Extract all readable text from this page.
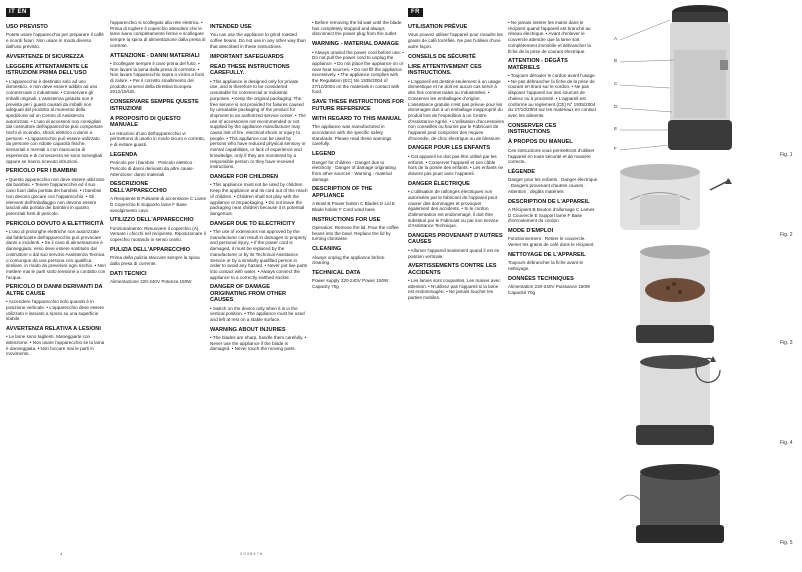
IT EN	FR
USO PREVISTO

Potete usare l'apparecchio per preparare il caffè e ricordi futuri. Non usare in modo diverso dall'uso previsto.

AVVERTENZE DI SICUREZZA
LEGGERE ATTENTAMENTE LE ISTRUZIONI PRIMA DELL'USO

• L'apparecchio è destinato solo ad uso domestico, e non deve essere adibito ad uso commerciale o industriale. • Conservare gli imballi originali. L'assistenza gratuita non è prevista per i guasti causati da imballi non adeguati del prodotto al momento della spedizione ad un Centro di Assistenza autorizzato. • L'uso di accessori non consigliati dal costruttore dell'apparecchio può comportare rischi di incendio, shock elettrico o danni a persone. • L'apparecchio può essere utilizzato da persone con ridotte capacità fisiche, sensoriali o mentali o con mancanza di esperienza e di conoscenza se sono sorvegliati oppure se hanno ricevuto istruzioni.

PERICOLO PER I BAMBINI

• Questo apparecchio non deve essere utilizzato dai bambini. • Tenere l'apparecchio ed il suo cavo fuori dalla portata dei bambini. • I bambini non devono giocare con l'apparecchio. • Gli elementi dell'imballaggio non devono essere lasciati alla portata dei bambini in quanto potenziali fonti di pericolo.

PERICOLO DOVUTO A ELETTRICITÀ

• L'uso di prolunghe elettriche non autorizzate dal fabbricante dell'apparecchio può provocare danni e incidenti. • Se il cavo di alimentazione è danneggiato, esso deve essere sostituito dal costruttore o dal suo servizio Assistenza Tecnica o comunque da una persona con qualifica similare, in modo da prevenire ogni rischio. • Non mettere mai le parti sotto tensione a contatto con l'acqua.

PERICOLO DI DANNI DERIVANTI DA ALTRE CAUSE

• Accendere l'apparecchio solo quando è in posizione verticale. • L'apparecchio deve essere utilizzato e lasciato a riposo su una superficie stabile.

AVVERTENZA RELATIVA A LESIONI

• Le lame sono taglienti. Maneggiarle con attenzione. • Non usare l'apparecchio se la lama è danneggiata. • Non toccare mai le parti in movimento.

l'apparecchio si scollegato alla rete elettrica. • Prima di togliere il coperchio attendere che le lame siano completamente ferme e scollegare sempre la spina di alimentazione dalla presa di corrente.

ATTENZIONE - DANNI MATERIALI

• Scollegare sempre il cavo prima del fuso. • Non lavare la lama dalla presa di corrente. • Non lavare l'apparecchio sopra o vicino a fonti di calore. • Per il corretto smaltimento del prodotto ai sensi della Direttiva Europea 2012/19/UE.

CONSERVARE SEMPRE QUESTE ISTRUZIONI
A PROPOSITO DI QUESTO MANUALE

Le istruzioni d'uso dell'apparecchio vi permettono di usarlo in modo sicuro e corretto, e di evitare guasti.

LEGENDA

Pericolo per i bambini · Pericolo elettrico · Pericolo di danni derivanti da altre cause · Attenzione: danni materiali

DESCRIZIONE DELL'APPARECCHIO

A Recipiente B Pulsante di accensione C Lame D Coperchio E Supporto lame F Base avvolgimento cavo

UTILIZZO DELL'APPARECCHIO

Funzionamento: Rimuovere il coperchio (A). Versare i chicchi nel recipiente. Riposizionare il coperchio ruotando in senso orario.

PULIZIA DELL'APPARECCHIO

Prima della pulizia staccare sempre la spina dalla presa di corrente.

DATI TECNICI

Alimentazione 220-240V Potenza 150W

INTENDED USE

You can use the appliance to grind roasted coffee beans. Do not use in any other way than that described in these instructions.

IMPORTANT SAFEGUARDS
READ THESE INSTRUCTIONS CAREFULLY.

• This appliance is designed only for private use, and is therefore to be considered unsuitable for commercial or industrial purposes. • Keep the original packaging. The free service is not provided for failures caused by unsuitable packaging of the product for shipment to an authorized service center. • The use of accessories not recommended or not supplied by the appliance manufacturer may cause risk of fire, electrical shock or injury to people. • This appliance can be used by persons who have reduced physical sensory or mental capabilities, or lack of experience and knowledge, only if they are monitored by a responsible person or they have received instructions.

DANGER FOR CHILDREN

• This appliance must not be used by children. Keep the appliance and its cord out of the reach of children. • Children shall not play with the appliance or its packaging. • Do not leave the packaging near children because it is potential dangerous.

DANGER DUE TO ELECTRICITY

• The use of extensions not approved by the manufacturer can result in damages to property and personal injury. • If the power cord is damaged, it must be replaced by the manufacturer or by its Technical Assistance Service or by a similarly qualified person in order to avoid any hazard. • Never put live parts into contact with water. • Always connect the appliance to a correctly earthed socket.

DANGER OF DAMAGE ORIGINATING FROM OTHER CAUSES

• Switch on the device only when it is in the vertical position. • The appliance must be used and left at rest on a stable surface.

WARNING ABOUT INJURIES

• The blades are sharp, handle them carefully. • Never use the appliance if the blade is damaged. • Never touch the moving parts.

• Before removing the lid wait until the blade has completely stopped and always disconnect the power plug from the outlet.

WARNING - MATERIAL DAMAGE

• Always unwind the power cord before use. • Do not pull the power cord to unplug the appliance. • Do not place the appliance on or near heat sources. • Do not fill the appliance excessively. • The appliance complies with the Regulation (EC) No 1935/2004 of 27/10/2004 on the materials in contact with food.

SAVE THESE INSTRUCTIONS FOR FUTURE REFERENCE
WITH REGARD TO THIS MANUAL

The appliance was manufactured in accordance with the specific safety standards. Please read these warnings carefully.

LEGEND

Danger for children · Danger due to electricity · Danger of damage originating from other sources · Warning - material damage

DESCRIPTION OF THE APPLIANCE

A Bowl B Power button C Blades D Lid E Blade holder F Cord wind base

INSTRUCTIONS FOR USE

Operation: Remove the lid. Pour the coffee beans into the bowl. Replace the lid by turning clockwise.

CLEANING

Always unplug the appliance before cleaning.

TECHNICAL DATA

Power supply 220-240V Power 150W Capacity 70g

UTILISATION PRÉVUE

Vous pouvez utiliser l'appareil pour moudre les grains de café torréfiés. Ne pas l'utiliser d'une autre façon.

CONSEILS DE SÉCURITÉ
LIRE ATTENTIVEMENT CES INSTRUCTIONS.

• L'appareil est destiné seulement à un usage domestique et ne doit en aucun cas servir à des fins commerciales ou industrielles. • Conserver les emballages d'origine. L'assistance gratuite n'est pas prévue pour les dommages dus à un emballage inapproprié du produit lors de l'expédition à un Centre d'Assistance Agréé. • L'utilisation d'accessoires non conseillés ou fournis par le Fabricant de l'appareil peut comporter des risques d'incendie, de choc électrique ou de blessure.

DANGER POUR LES ENFANTS

• Cet appareil ne doit pas être utilisé par les enfants. • Conserver l'appareil et son câble hors de la portée des enfants. • Les enfants ne doivent pas jouer avec l'appareil.

DANGER ÉLECTRIQUE

• L'utilisation de rallonges électriques non autorisées par le fabricant de l'appareil peut causer des dommages et provoquer également des accidents. • Si le cordon d'alimentation est endommagé, il doit être substitué par le Fabricant ou par son service d'Assistance Technique.

DANGERS PROVENANT D'AUTRES CAUSES

• Allumer l'appareil seulement quand il est en position verticale.

AVERTISSEMENTS CONTRE LES ACCIDENTS

• Les lames sont coupantes. Les manier avec attention. • N'utilisez pas l'appareil si la lame est endommagée. • Ne jamais toucher les parties mobiles.

• Ne jamais insérer les mains dans le récipient quand l'appareil est branché au réseau électrique. • Avant d'enlever le couvercle attendre que la lame soit complètement immobile et débrancher la fiche de la prise de courant électrique.

ATTENTION - DÉGÂTS MATÉRIELS

• Toujours dérouler le cordon avant l'usage. • Ne pas débrancher la fiche de la prise de courant en tirant sur le cordon. • Ne pas disposer l'appareil sur des sources de chaleur ou à proximité. • L'appareil est conforme au règlement (CE) N° 1935/2004 du 27/10/2004 sur les matériaux en contact avec les aliments.

CONSERVER CES INSTRUCTIONS
À PROPOS DU MANUEL

Ces instructions vous permettront d'utiliser l'appareil en toute sécurité et de manière correcte.

LÉGENDE

Danger pour les enfants · Danger électrique · Dangers provenant d'autres causes · Attention : dégâts matériels

DESCRIPTION DE L'APPAREIL

A Récipient B Bouton d'allumage C Lames D Couvercle E Support lame F Base d'enroulement du cordon

MODE D'EMPLOI

Fonctionnement : Retirer le couvercle. Verser les grains de café dans le récipient.

NETTOYAGE DE L'APPAREIL

Toujours débrancher la fiche avant le nettoyage.

DONNÉES TECHNIQUES

Alimentation 220-240V Puissance 150W Capacité 70g

4	2 0 4 5 4 7 6
Fig. 1
Fig. 2
Fig. 3
Fig. 4
Fig. 5
A
B
C
D
E
F
